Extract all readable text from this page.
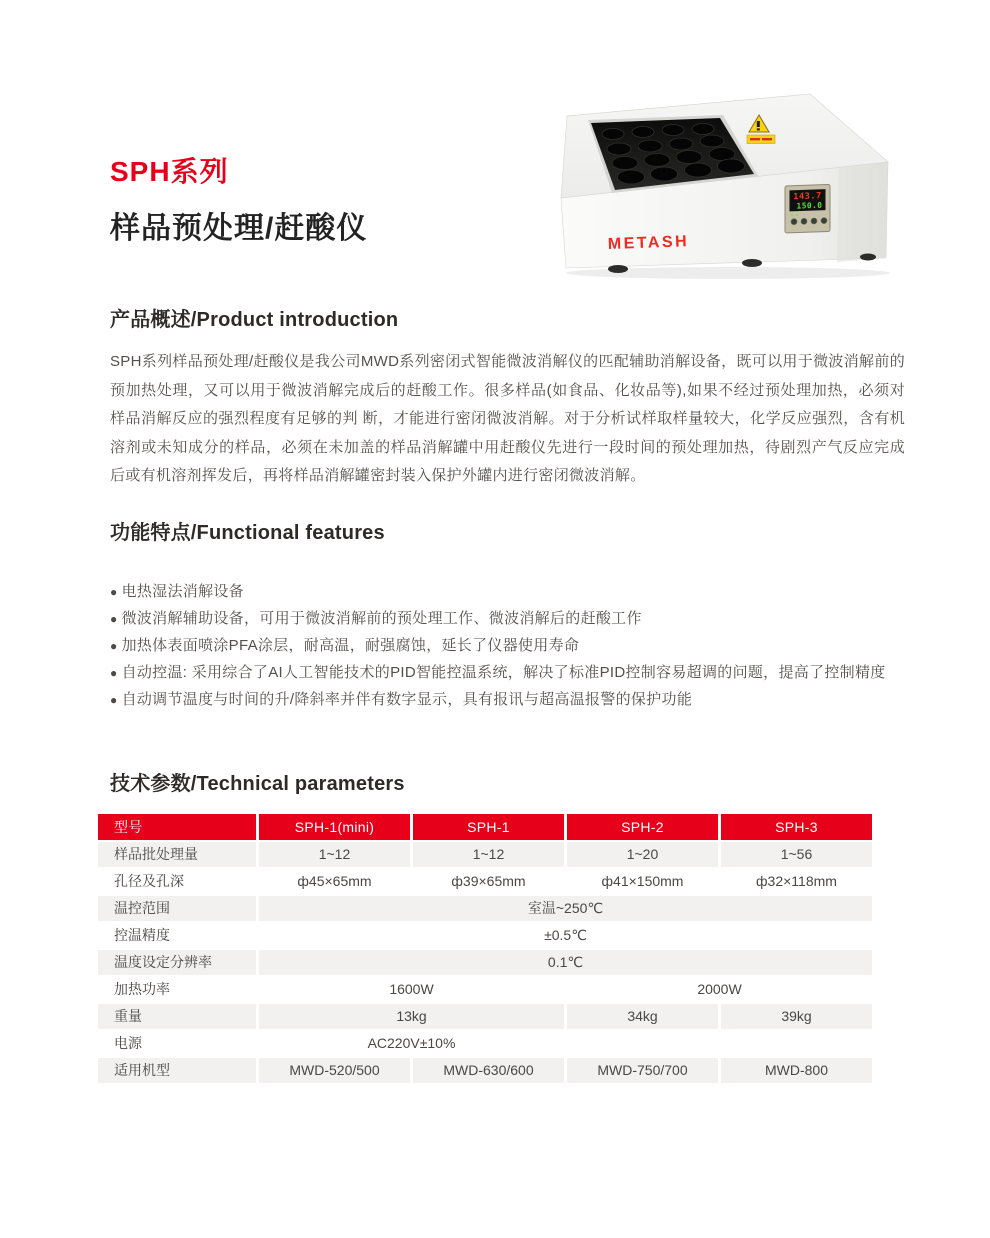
SPH系列
样品预处理/赶酸仪
143.7
150.0
METASH
产品概述/Product introduction

SPH系列样品预处理/赶酸仪是我公司MWD系列密闭式智能微波消解仪的匹配辅助消解设备，既可以用于微波消解前的预加热处理，又可以用于微波消解完成后的赶酸工作。很多样品(如食品、化妆品等),如果不经过预处理加热，必须对样品消解反应的强烈程度有足够的判 断，才能进行密闭微波消解。对于分析试样取样量较大，化学反应强烈，含有机溶剂或未知成分的样品，必须在未加盖的样品消解罐中用赶酸仪先进行一段时间的预处理加热，待剧烈产气反应完成后或有机溶剂挥发后，再将样品消解罐密封装入保护外罐内进行密闭微波消解。

功能特点/Functional features
● 电热湿法消解设备
● 微波消解辅助设备，可用于微波消解前的预处理工作、微波消解后的赶酸工作
● 加热体表面喷涂PFA涂层，耐高温，耐强腐蚀，延长了仪器使用寿命
● 自动控温: 采用综合了AI人工智能技术的PID智能控温系统，解决了标准PID控制容易超调的问题，提高了控制精度
● 自动调节温度与时间的升/降斜率并伴有数字显示，具有报讯与超高温报警的保护功能
技术参数/Technical parameters
型号	SPH-1(mini)	SPH-1	SPH-2	SPH-3
样品批处理量	1~12	1~12	1~20	1~56
孔径及孔深	ф45×65mm	ф39×65mm	ф41×150mm	ф32×118mm
温控范围	室温~250℃			
控温精度	±0.5℃			
温度设定分辨率	0.1℃			
加热功率	1600W		2000W	
重量	13kg		34kg	39kg
电源	AC220V±10%			
适用机型	MWD-520/500	MWD-630/600	MWD-750/700	MWD-800
